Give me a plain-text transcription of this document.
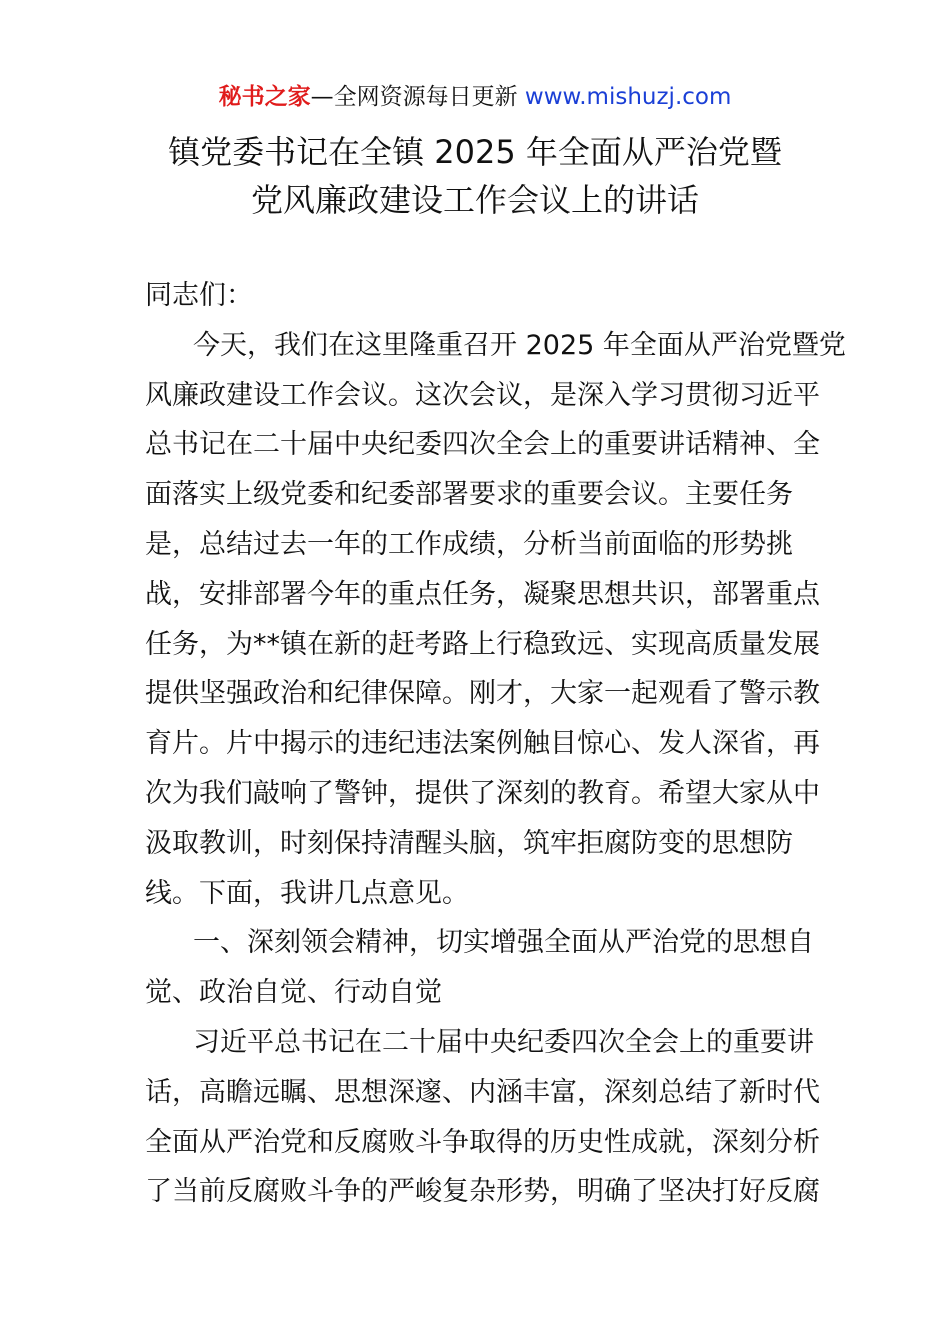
秘书之家—全网资源每日更新 www.mishuzj.com
镇党委书记在全镇 2025 年全面从严治党暨
党风廉政建设工作会议上的讲话
同志们：
今天，我们在这里隆重召开 2025 年全面从严治党暨党
风廉政建设工作会议。这次会议，是深入学习贯彻习近平
总书记在二十届中央纪委四次全会上的重要讲话精神、全
面落实上级党委和纪委部署要求的重要会议。主要任务
是，总结过去一年的工作成绩，分析当前面临的形势挑
战，安排部署今年的重点任务，凝聚思想共识，部署重点
任务，为**镇在新的赶考路上行稳致远、实现高质量发展
提供坚强政治和纪律保障。刚才，大家一起观看了警示教
育片。片中揭示的违纪违法案例触目惊心、发人深省，再
次为我们敲响了警钟，提供了深刻的教育。希望大家从中
汲取教训，时刻保持清醒头脑，筑牢拒腐防变的思想防
线。下面，我讲几点意见。
一、深刻领会精神，切实增强全面从严治党的思想自
觉、政治自觉、行动自觉
习近平总书记在二十届中央纪委四次全会上的重要讲
话，高瞻远瞩、思想深邃、内涵丰富，深刻总结了新时代
全面从严治党和反腐败斗争取得的历史性成就，深刻分析
了当前反腐败斗争的严峻复杂形势，明确了坚决打好反腐
